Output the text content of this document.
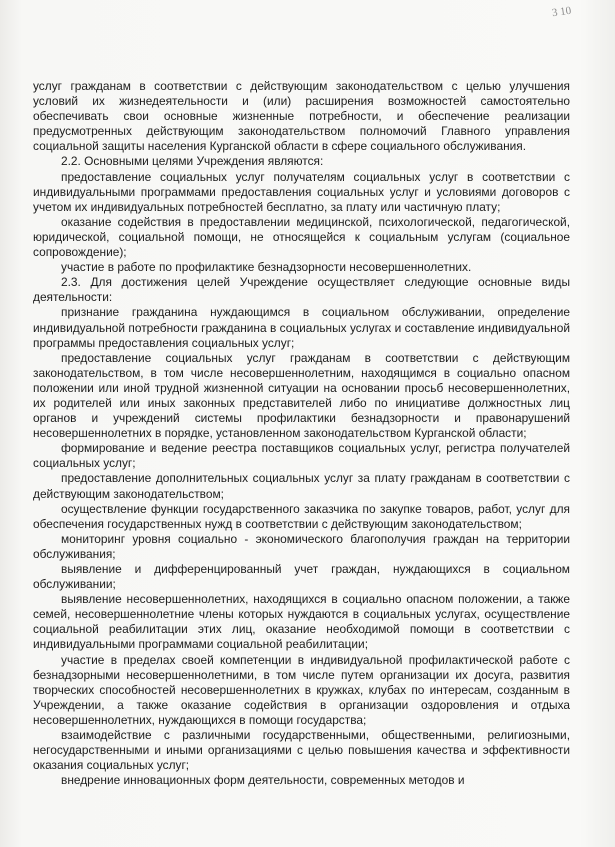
3 10

услуг гражданам в соответствии с действующим законодательством с целью улучшения условий их жизнедеятельности и (или) расширения возможностей самостоятельно обеспечивать свои основные жизненные потребности, и обеспечение реализации предусмотренных действующим законодательством полномочий Главного управления социальной защиты населения Курганской области в сфере социального обслуживания.

2.2. Основными целями Учреждения являются:

предоставление социальных услуг получателям социальных услуг в соответствии с индивидуальными программами предоставления социальных услуг и условиями договоров с учетом их индивидуальных потребностей бесплатно, за плату или частичную плату;

оказание содействия в предоставлении медицинской, психологической, педагогической, юридической, социальной помощи, не относящейся к социальным услугам (социальное сопровождение);

участие в работе по профилактике безнадзорности несовершеннолетних.

2.3. Для достижения целей Учреждение осуществляет следующие основные виды деятельности:

признание гражданина нуждающимся в социальном обслуживании, определение индивидуальной потребности гражданина в социальных услугах и составление индивидуальной программы предоставления социальных услуг;

предоставление социальных услуг гражданам в соответствии с действующим законодательством, в том числе несовершеннолетним, находящимся в социально опасном положении или иной трудной жизненной ситуации на основании просьб несовершеннолетних, их родителей или иных законных представителей либо по инициативе должностных лиц органов и учреждений системы профилактики безнадзорности и правонарушений несовершеннолетних в порядке, установленном законодательством Курганской области;

формирование и ведение реестра поставщиков социальных услуг, регистра получателей социальных услуг;

предоставление дополнительных социальных услуг за плату гражданам в соответствии с действующим законодательством;

осуществление функции государственного заказчика по закупке товаров, работ, услуг для обеспечения государственных нужд в соответствии с действующим законодательством;

мониторинг уровня социально - экономического благополучия граждан на территории обслуживания;

выявление и дифференцированный учет граждан, нуждающихся в социальном обслуживании;

выявление несовершеннолетних, находящихся в социально опасном положении, а также семей, несовершеннолетние члены которых нуждаются в социальных услугах, осуществление социальной реабилитации этих лиц, оказание необходимой помощи в соответствии с индивидуальными программами социальной реабилитации;

участие в пределах своей компетенции в индивидуальной профилактической работе с безнадзорными несовершеннолетними, в том числе путем организации их досуга, развития творческих способностей несовершеннолетних в кружках, клубах по интересам, созданным в Учреждении, а также оказание содействия в организации оздоровления и отдыха несовершеннолетних, нуждающихся в помощи государства;

взаимодействие с различными государственными, общественными, религиозными, негосударственными и иными организациями с целью повышения качества и эффективности оказания социальных услуг;

внедрение инновационных форм деятельности, современных методов и
